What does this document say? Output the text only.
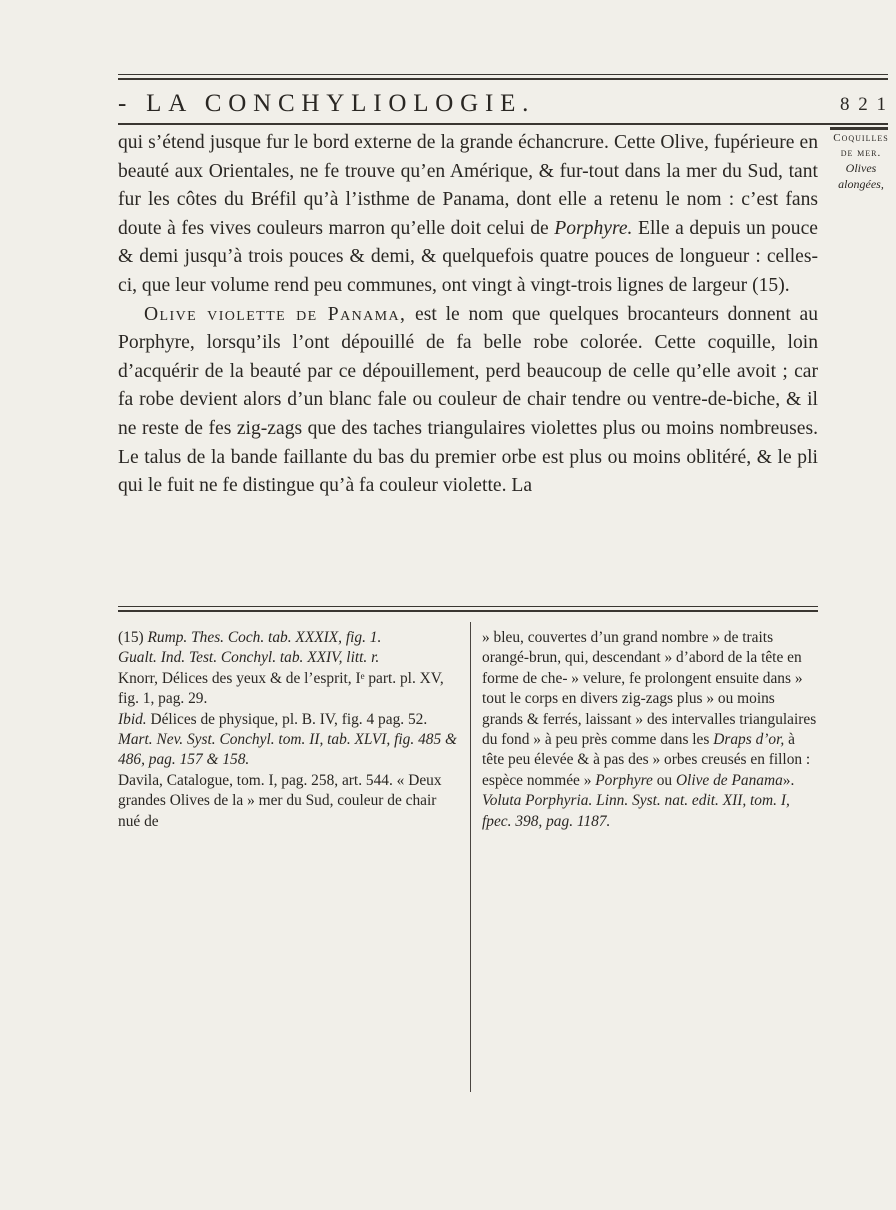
- LA CONCHYLIOLOGIE.	8 2 1
Coquilles
de mer.
Olives
alongées,

qui s’étend jusque fur le bord externe de la grande échancrure. Cette Olive, fupérieure en beauté aux Orientales, ne fe trouve qu’en Amérique, & fur-tout dans la mer du Sud, tant fur les côtes du Bréfil qu’à l’isthme de Panama, dont elle a retenu le nom : c’est fans doute à fes vives couleurs marron qu’elle doit celui de Porphyre. Elle a depuis un pouce & demi jusqu’à trois pouces & demi, & quelquefois quatre pouces de longueur : celles-ci, que leur volume rend peu communes, ont vingt à vingt-trois lignes de largeur (15).

Olive violette de Panama, est le nom que quelques brocanteurs donnent au Porphyre, lorsqu’ils l’ont dépouillé de fa belle robe colorée. Cette coquille, loin d’acquérir de la beauté par ce dépouillement, perd beaucoup de celle qu’elle avoit ; car fa robe devient alors d’un blanc fale ou couleur de chair tendre ou ventre-de-biche, & il ne reste de fes zig-zags que des taches triangulaires violettes plus ou moins nombreuses. Le talus de la bande faillante du bas du premier orbe est plus ou moins oblitéré, & le pli qui le fuit ne fe distingue qu’à fa couleur violette. La

(15) Rump. Thes. Coch. tab. XXXIX, fig. 1.

Gualt. Ind. Test. Conchyl. tab. XXIV, litt. r.

Knorr, Délices des yeux & de l’esprit, Iᵉ part. pl. XV, fig. 1, pag. 29.

Ibid. Délices de physique, pl. B. IV, fig. 4 pag. 52.

Mart. Nev. Syst. Conchyl. tom. II, tab. XLVI, fig. 485 & 486, pag. 157 & 158.

Davila, Catalogue, tom. I, pag. 258, art. 544. « Deux grandes Olives de la » mer du Sud, couleur de chair nué de

» bleu, couvertes d’un grand nombre » de traits orangé-brun, qui, descendant » d’abord de la tête en forme de che- » velure, fe prolongent ensuite dans » tout le corps en divers zig-zags plus » ou moins grands & ferrés, laissant » des intervalles triangulaires du fond » à peu près comme dans les Draps d’or, à tête peu élevée & à pas des » orbes creusés en fillon : espèce nommée » Porphyre ou Olive de Panama».

Voluta Porphyria. Linn. Syst. nat. edit. XII, tom. I, fpec. 398, pag. 1187.
